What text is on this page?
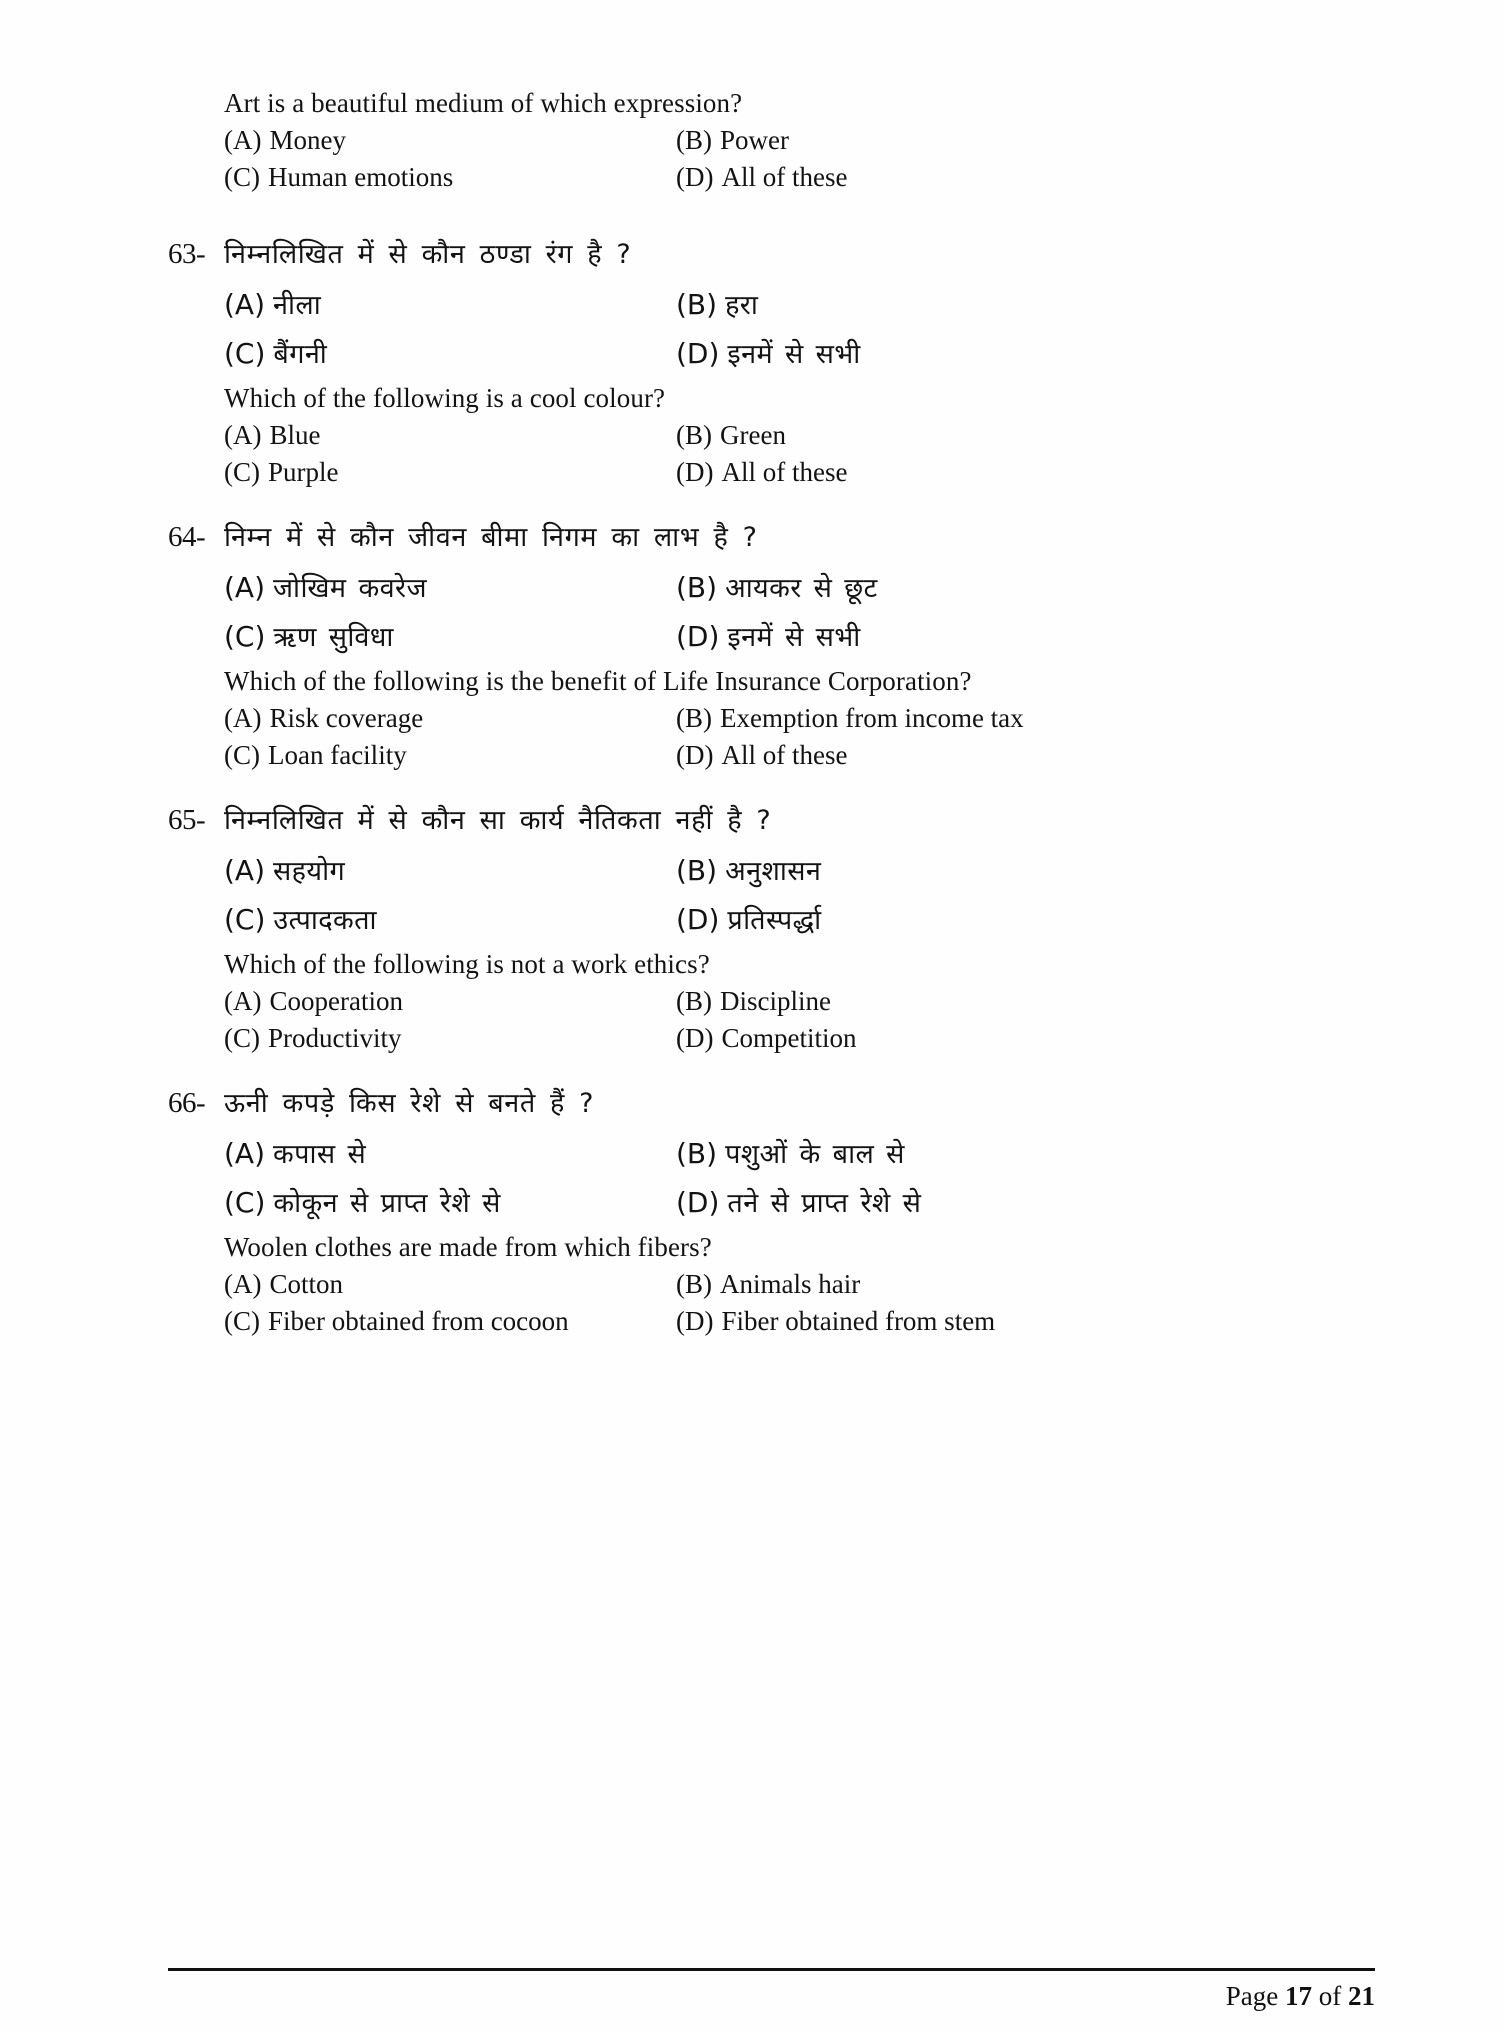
Art is a beautiful medium of which expression?
(A) Money	(B) Power
(C) Human emotions	(D) All of these
63- निम्नलिखित में से कौन ठण्डा रंग है ?
(A) नीला	(B) हरा
(C) बैंगनी	(D) इनमें से सभी
Which of the following is a cool colour?
(A) Blue	(B) Green
(C) Purple	(D) All of these
64- निम्न में से कौन जीवन बीमा निगम का लाभ है ?
(A) जोखिम कवरेज	(B) आयकर से छूट
(C) ऋण सुविधा	(D) इनमें से सभी
Which of the following is the benefit of Life Insurance Corporation?
(A) Risk coverage	(B) Exemption from income tax
(C) Loan facility	(D) All of these
65- निम्नलिखित में से कौन सा कार्य नैतिकता नहीं है ?
(A) सहयोग	(B) अनुशासन
(C) उत्पादकता	(D) प्रतिस्पर्द्धा
Which of the following is not a work ethics?
(A) Cooperation	(B) Discipline
(C) Productivity	(D) Competition
66- ऊनी कपड़े किस रेशे से बनते हैं ?
(A) कपास से	(B) पशुओं के बाल से
(C) कोकून से प्राप्त रेशे से	(D) तने से प्राप्त रेशे से
Woolen clothes are made from which fibers?
(A) Cotton	(B) Animals hair
(C) Fiber obtained from cocoon	(D) Fiber obtained from stem
Page 17 of 21
